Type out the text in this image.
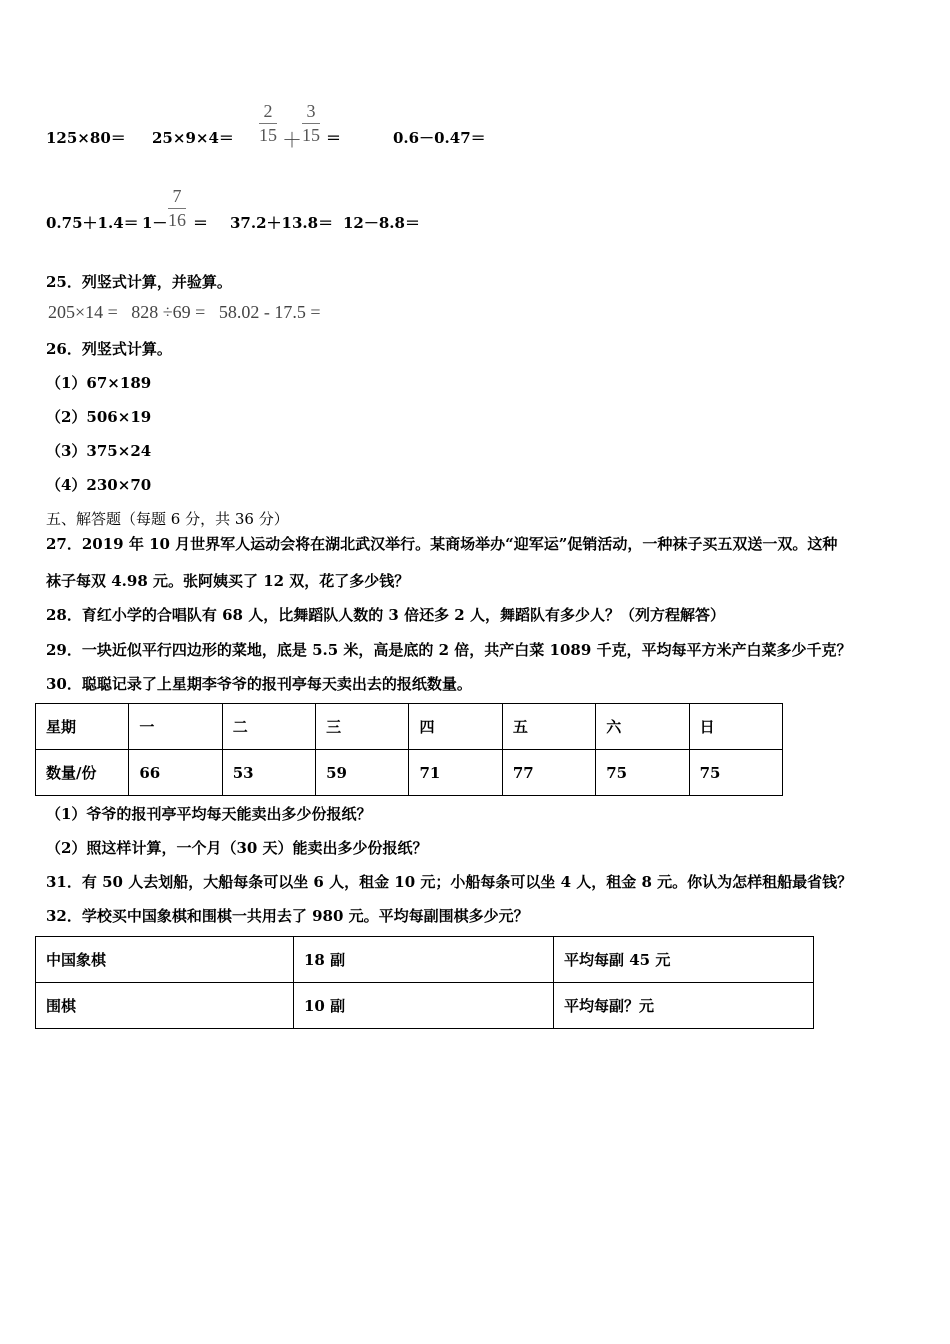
125×80＝ 25×9×4＝
2
15 ＋
3
15 ＝	0.6－0.47＝
0.75＋1.4＝ 1－
7
16 ＝ 37.2＋13.8＝ 12－8.8＝
25．列竖式计算，并验算。
205×14 =   828 ÷69 =   58.02 - 17.5 =
26．列竖式计算。
（1）67×189
（2）506×19
（3）375×24
（4）230×70
五、解答题（每题 6 分，共 36 分）
27．2019 年 10 月世界军人运动会将在湖北武汉举行。某商场举办“迎军运”促销活动，一种袜子买五双送一双。这种
袜子每双 4.98 元。张阿姨买了 12 双，花了多少钱？
28．育红小学的合唱队有 68 人，比舞蹈队人数的 3 倍还多 2 人，舞蹈队有多少人？（列方程解答）
29．一块近似平行四边形的菜地，底是 5.5 米，高是底的 2 倍，共产白菜 1089 千克，平均每平方米产白菜多少千克？
30．聪聪记录了上星期李爷爷的报刊亭每天卖出去的报纸数量。
星期	一	二	三	四	五	六	日
数量/份	66	53	59	71	77	75	75
（1）爷爷的报刊亭平均每天能卖出多少份报纸？
（2）照这样计算，一个月（30 天）能卖出多少份报纸？
31．有 50 人去划船，大船每条可以坐 6 人，租金 10 元；小船每条可以坐 4 人，租金 8 元。你认为怎样租船最省钱？
32．学校买中国象棋和围棋一共用去了 980 元。平均每副围棋多少元？
中国象棋	18 副	平均每副 45 元
围棋	10 副	平均每副？元
